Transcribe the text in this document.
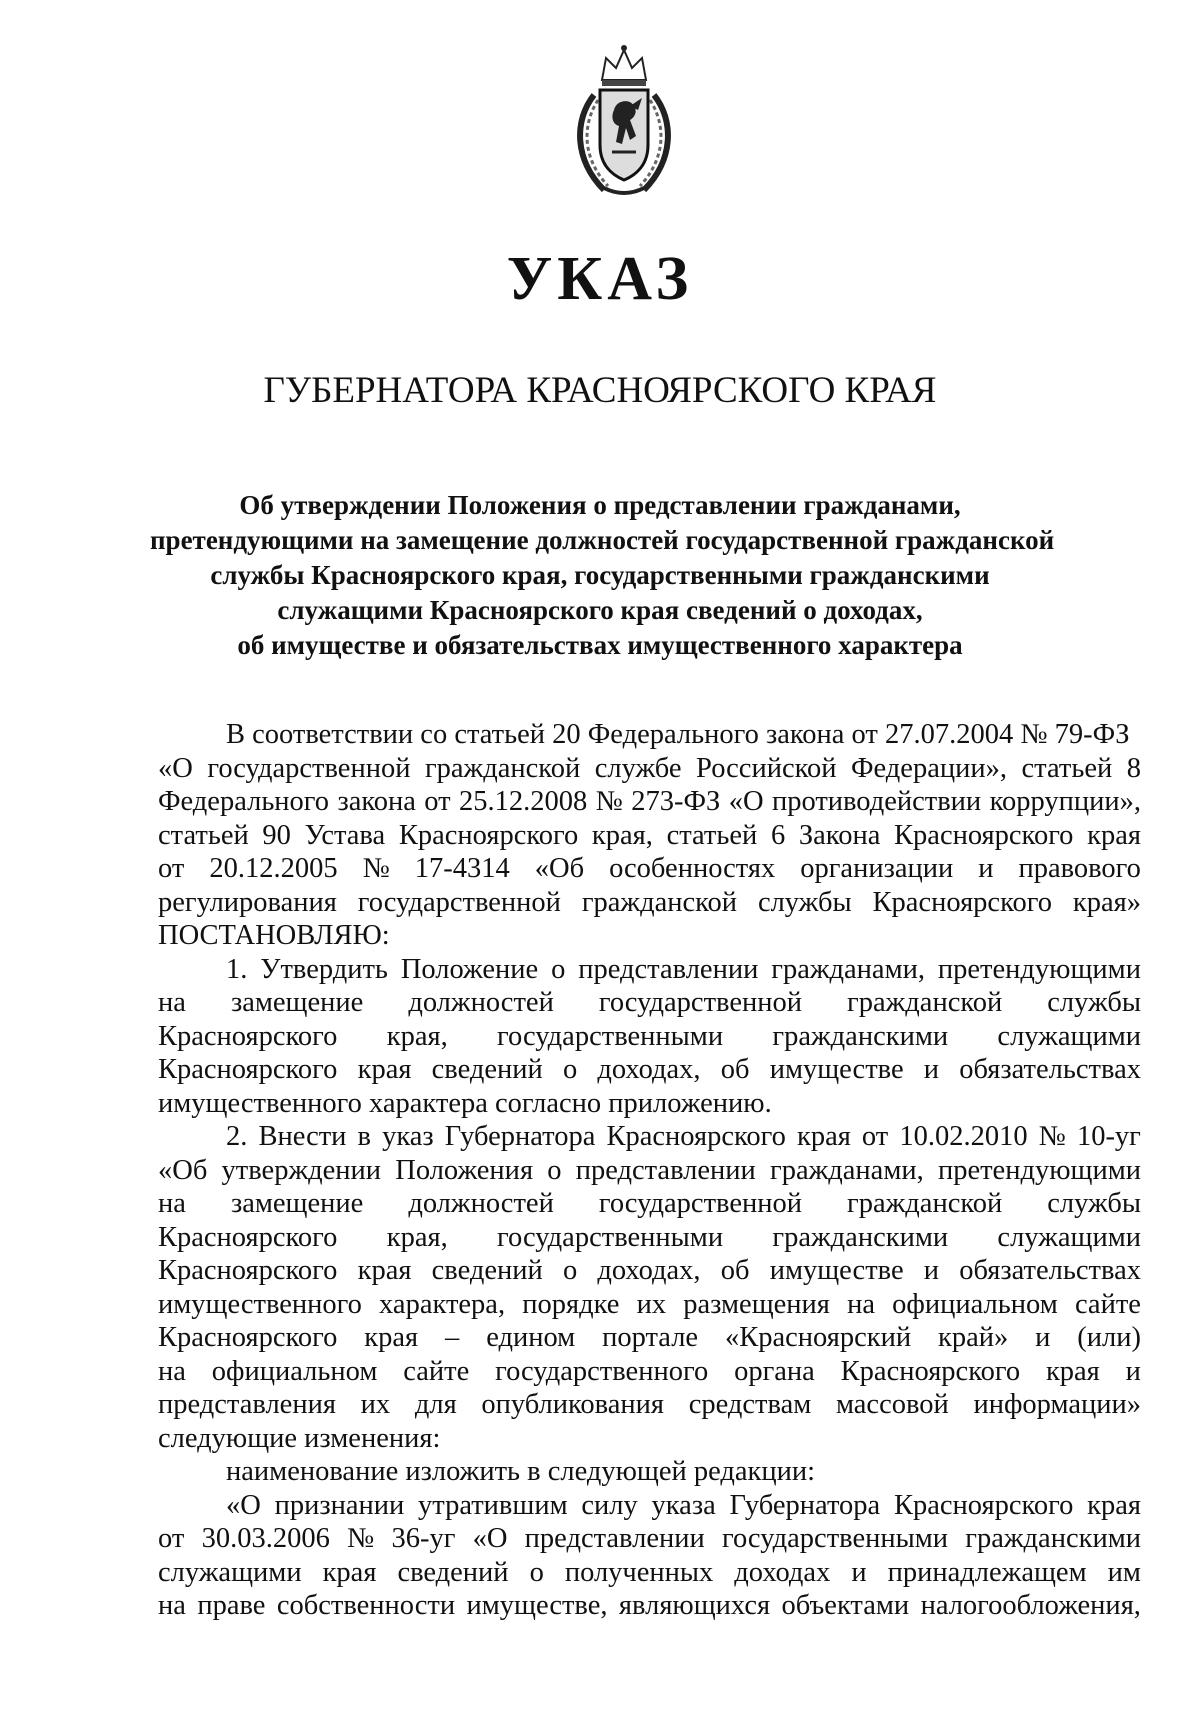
УКАЗ
ГУБЕРНАТОРА КРАСНОЯРСКОГО КРАЯ
Об утверждении Положения о представлении гражданами,
претендующими на замещение должностей государственной гражданской
службы Красноярского края, государственными гражданскими
служащими Красноярского края сведений о доходах,
об имуществе и обязательствах имущественного характера
В соответствии со статьей 20 Федерального закона от 27.07.2004 № 79-ФЗ
«О государственной гражданской службе Российской Федерации», статьей 8
Федерального закона от 25.12.2008 № 273-ФЗ «О противодействии коррупции»,
статьей 90 Устава Красноярского края, статьей 6 Закона Красноярского края
от 20.12.2005 № 17-4314 «Об особенностях организации и правового
регулирования государственной гражданской службы Красноярского края»
ПОСТАНОВЛЯЮ:
1. Утвердить Положение о представлении гражданами, претендующими
на замещение должностей государственной гражданской службы
Красноярского края, государственными гражданскими служащими
Красноярского края сведений о доходах, об имуществе и обязательствах
имущественного характера согласно приложению.
2. Внести в указ Губернатора Красноярского края от 10.02.2010 № 10-уг
«Об утверждении Положения о представлении гражданами, претендующими
на замещение должностей государственной гражданской службы
Красноярского края, государственными гражданскими служащими
Красноярского края сведений о доходах, об имуществе и обязательствах
имущественного характера, порядке их размещения на официальном сайте
Красноярского края – едином портале «Красноярский край» и (или)
на официальном сайте государственного органа Красноярского края и
представления их для опубликования средствам массовой информации»
следующие изменения:
наименование изложить в следующей редакции:
«О признании утратившим силу указа Губернатора Красноярского края
от 30.03.2006 № 36-уг «О представлении государственными гражданскими
служащими края сведений о полученных доходах и принадлежащем им
на праве собственности имуществе, являющихся объектами налогообложения,
